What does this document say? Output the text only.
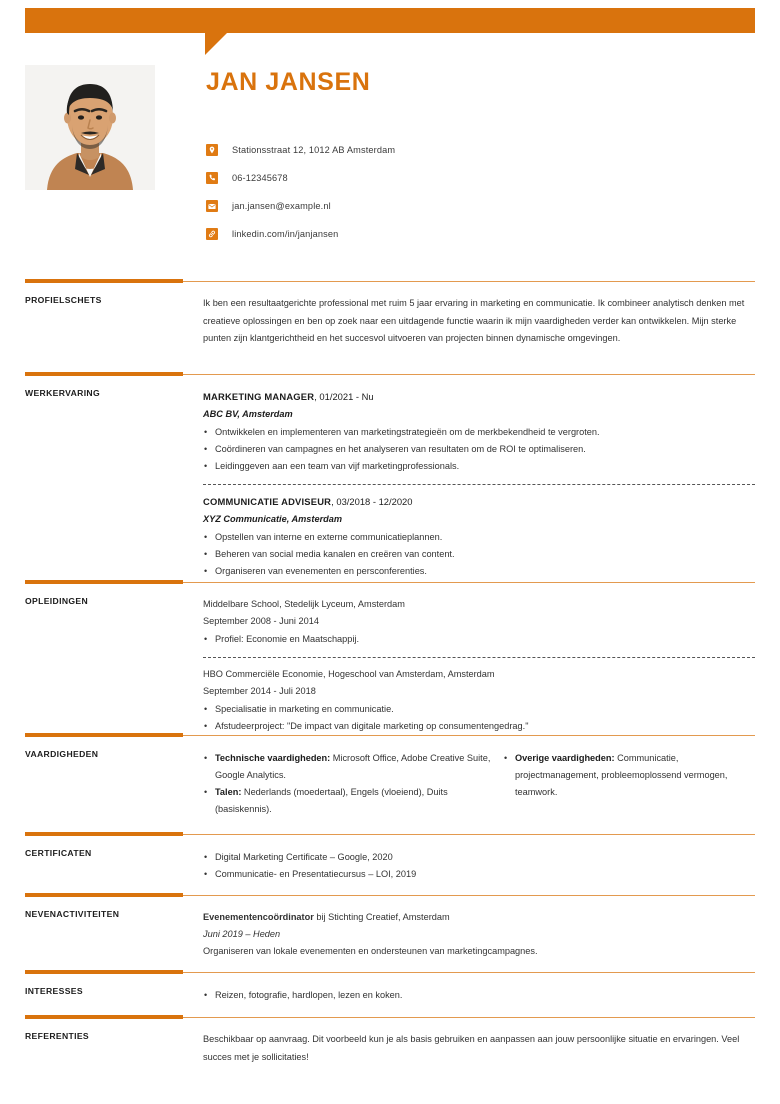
JAN JANSEN
Stationsstraat 12, 1012 AB Amsterdam
06-12345678
jan.jansen@example.nl
linkedin.com/in/janjansen
PROFIELSCHETS	Ik ben een resultaatgerichte professional met ruim 5 jaar ervaring in marketing en communicatie. Ik combineer analytisch denken met creatieve oplossingen en ben op zoek naar een uitdagende functie waarin ik mijn vaardigheden verder kan ontwikkelen. Mijn sterke punten zijn klantgerichtheid en het succesvol uitvoeren van projecten binnen dynamische omgevingen.
WERKERVARING	MARKETING MANAGER, 01/2021 - Nu
ABC BV, Amsterdam
• Ontwikkelen en implementeren van marketingstrategieën om de merkbekendheid te vergroten.
• Coördineren van campagnes en het analyseren van resultaten om de ROI te optimaliseren.
• Leidinggeven aan een team van vijf marketingprofessionals.
COMMUNICATIE ADVISEUR, 03/2018 - 12/2020
XYZ Communicatie, Amsterdam
• Opstellen van interne en externe communicatieplannen.
• Beheren van social media kanalen en creëren van content.
• Organiseren van evenementen en persconferenties.
OPLEIDINGEN	Middelbare School, Stedelijk Lyceum, Amsterdam
September 2008 - Juni 2014
• Profiel: Economie en Maatschappij.
HBO Commerciële Economie, Hogeschool van Amsterdam, Amsterdam
September 2014 - Juli 2018
• Specialisatie in marketing en communicatie.
• Afstudeerproject: "De impact van digitale marketing op consumentengedrag."
VAARDIGHEDEN	• Technische vaardigheden: Microsoft Office, Adobe Creative Suite, Google Analytics.
• Talen: Nederlands (moedertaal), Engels (vloeiend), Duits (basiskennis).
• Overige vaardigheden: Communicatie, projectmanagement, probleemoplossend vermogen, teamwork.
CERTIFICATEN	• Digital Marketing Certificate – Google, 2020
• Communicatie- en Presentatiecursus – LOI, 2019
NEVENACTIVITEITEN	Evenementencoördinator bij Stichting Creatief, Amsterdam
Juni 2019 – Heden
Organiseren van lokale evenementen en ondersteunen van marketingcampagnes.
INTERESSES	• Reizen, fotografie, hardlopen, lezen en koken.
REFERENTIES	Beschikbaar op aanvraag. Dit voorbeeld kun je als basis gebruiken en aanpassen aan jouw persoonlijke situatie en ervaringen. Veel succes met je sollicitaties!
